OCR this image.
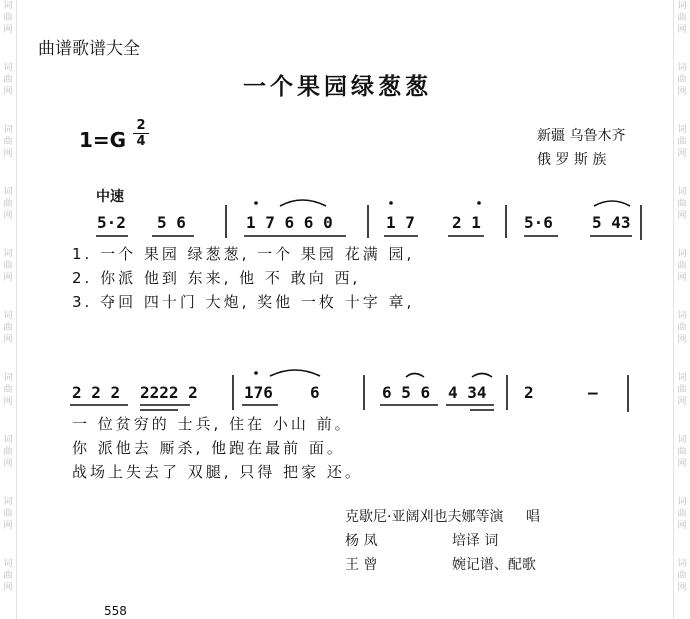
词曲网
词曲网
词曲网
词曲网
词曲网
词曲网
词曲网
词曲网
词曲网
词曲网
词曲网
词曲网
词曲网
词曲网
词曲网
词曲网
词曲网
词曲网
词曲网
词曲网
曲谱歌谱大全
一个果园绿葱葱
$1=G \frac{2}{4}$	新疆 乌鲁木齐
俄 罗 斯 族
中速
5·2 5 6	1 7 6 6 0	1 7 2 1	5·6 5 43
1. 一个 果园 绿葱葱, 一个 果园 花满 园,
2. 你派 他到 东来, 他 不 敢向 西,
3. 夺回 四十门 大炮, 奖他 一枚 十字 章,
2 2 2 2222 2	176 6	6 5 6 4 34 2	—
一 位贫穷的 士兵, 住在 小山 前。
你 派他去 厮杀, 他跑在最前 面。
战场上失去了 双腿, 只得 把家 还。
克歇尼·亚阔刈也夫娜等演 唱
杨 凤	培译 词
王 曾	婉记谱、配歌
558
